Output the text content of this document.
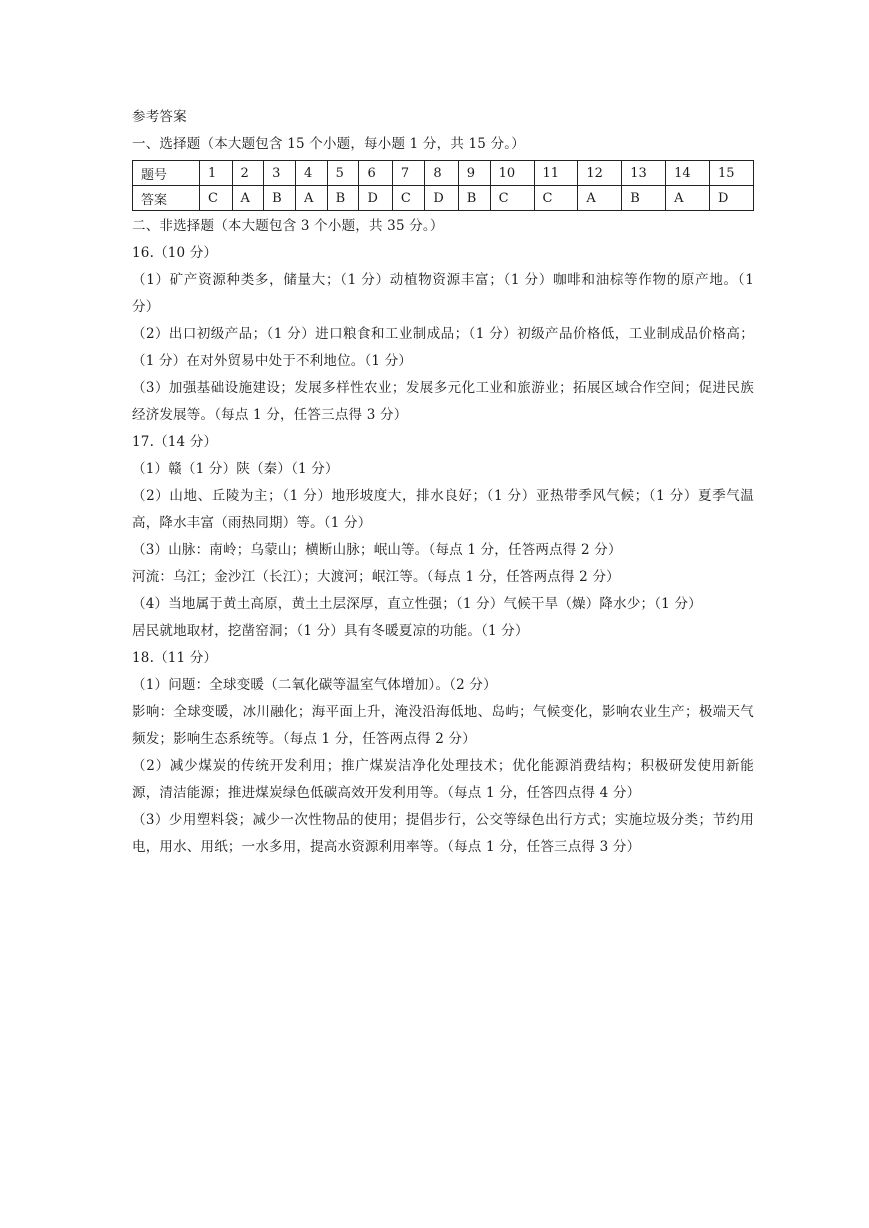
参考答案
一、选择题（本大题包含 15 个小题，每小题 1 分，共 15 分。）
题号	1	2	3	4	5	6	7	8	9	10	11	12	13	14	15
答案	C	A	B	A	B	D	C	D	B	C	C	A	B	A	D
二、非选择题（本大题包含 3 个小题，共 35 分。）
16.（10 分）
（1）矿产资源种类多，储量大；（1 分）动植物资源丰富；（1 分）咖啡和油棕等作物的原产地。（1 分）
（2）出口初级产品；（1 分）进口粮食和工业制成品；（1 分）初级产品价格低，工业制成品价格高；（1 分）在对外贸易中处于不利地位。（1 分）
（3）加强基础设施建设；发展多样性农业；发展多元化工业和旅游业；拓展区域合作空间；促进民族经济发展等。（每点 1 分，任答三点得 3 分）
17.（14 分）
（1）赣（1 分）陕（秦）（1 分）
（2）山地、丘陵为主；（1 分）地形坡度大，排水良好；（1 分）亚热带季风气候；（1 分）夏季气温高，降水丰富（雨热同期）等。（1 分）
（3）山脉：南岭；乌蒙山；横断山脉；岷山等。（每点 1 分，任答两点得 2 分）
河流：乌江；金沙江（长江）；大渡河；岷江等。（每点 1 分，任答两点得 2 分）
（4）当地属于黄土高原，黄土土层深厚，直立性强；（1 分）气候干旱（燥）降水少；（1 分）
居民就地取材，挖凿窑洞；（1 分）具有冬暖夏凉的功能。（1 分）
18.（11 分）
（1）问题：全球变暖（二氧化碳等温室气体增加）。（2 分）
影响：全球变暖，冰川融化；海平面上升，淹没沿海低地、岛屿；气候变化，影响农业生产；极端天气频发；影响生态系统等。（每点 1 分，任答两点得 2 分）
（2）减少煤炭的传统开发利用；推广煤炭洁净化处理技术；优化能源消费结构；积极研发使用新能源，清洁能源；推进煤炭绿色低碳高效开发利用等。（每点 1 分，任答四点得 4 分）
（3）少用塑料袋；减少一次性物品的使用；提倡步行，公交等绿色出行方式；实施垃圾分类；节约用电，用水、用纸；一水多用，提高水资源利用率等。（每点 1 分，任答三点得 3 分）
